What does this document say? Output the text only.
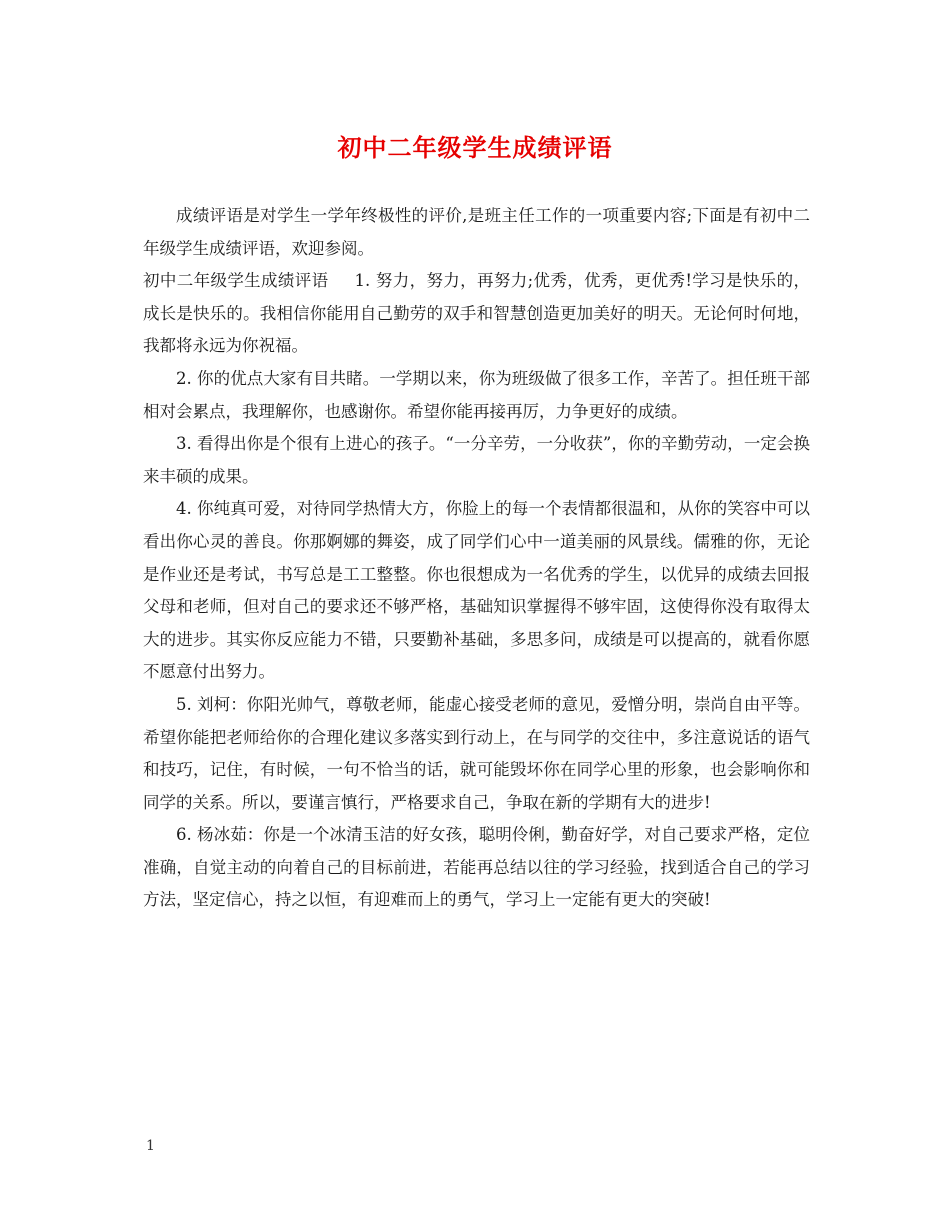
初中二年级学生成绩评语

成绩评语是对学生一学年终极性的评价,是班主任工作的一项重要内容;下面是有初中二年级学生成绩评语，欢迎参阅。

初中二年级学生成绩评语 1. 努力，努力，再努力;优秀，优秀，更优秀!学习是快乐的，成长是快乐的。我相信你能用自己勤劳的双手和智慧创造更加美好的明天。无论何时何地，我都将永远为你祝福。

2. 你的优点大家有目共睹。一学期以来，你为班级做了很多工作，辛苦了。担任班干部相对会累点，我理解你，也感谢你。希望你能再接再厉，力争更好的成绩。

3. 看得出你是个很有上进心的孩子。“一分辛劳，一分收获”，你的辛勤劳动，一定会换来丰硕的成果。

4. 你纯真可爱，对待同学热情大方，你脸上的每一个表情都很温和，从你的笑容中可以看出你心灵的善良。你那婀娜的舞姿，成了同学们心中一道美丽的风景线。儒雅的你，无论是作业还是考试，书写总是工工整整。你也很想成为一名优秀的学生，以优异的成绩去回报父母和老师，但对自己的要求还不够严格，基础知识掌握得不够牢固，这使得你没有取得太大的进步。其实你反应能力不错，只要勤补基础，多思多问，成绩是可以提高的，就看你愿不愿意付出努力。

5. 刘柯：你阳光帅气，尊敬老师，能虚心接受老师的意见，爱憎分明，崇尚自由平等。希望你能把老师给你的合理化建议多落实到行动上，在与同学的交往中，多注意说话的语气和技巧，记住，有时候，一句不恰当的话，就可能毁坏你在同学心里的形象，也会影响你和同学的关系。所以，要谨言慎行，严格要求自己，争取在新的学期有大的进步!

6. 杨冰茹：你是一个冰清玉洁的好女孩，聪明伶俐，勤奋好学，对自己要求严格，定位准确，自觉主动的向着自己的目标前进，若能再总结以往的学习经验，找到适合自己的学习方法，坚定信心，持之以恒，有迎难而上的勇气，学习上一定能有更大的突破!

1
